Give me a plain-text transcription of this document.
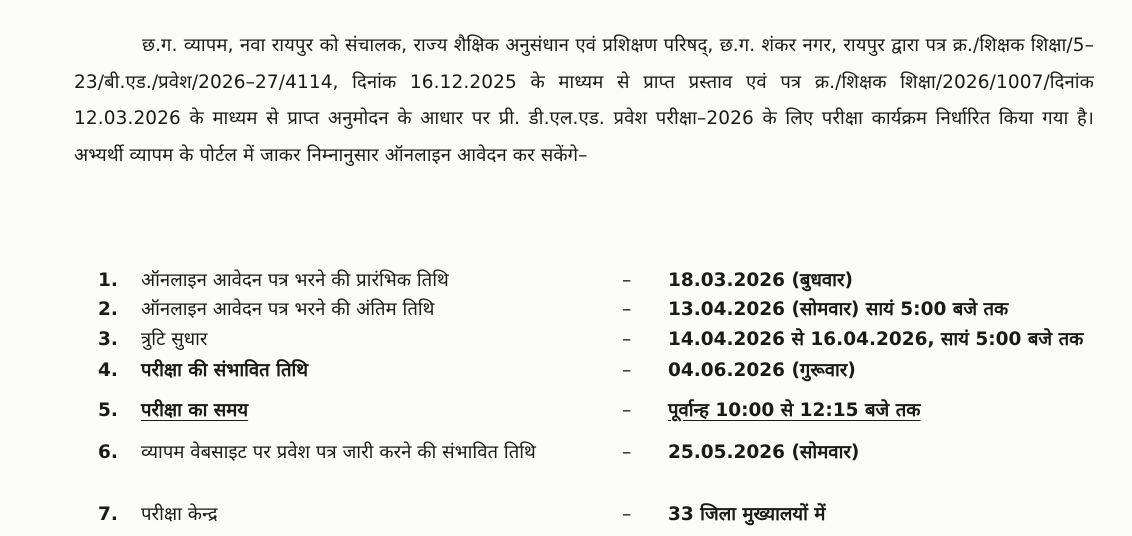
छ.ग. व्यापम, नवा रायपुर को संचालक, राज्य शैक्षिक अनुसंधान एवं प्रशिक्षण परिषद्, छ.ग. शंकर नगर, रायपुर द्वारा पत्र क्र./शिक्षक शिक्षा/5–23/बी.एड./प्रवेश/2026–27/4114, दिनांक 16.12.2025 के माध्यम से प्राप्त प्रस्ताव एवं पत्र क्र./शिक्षक शिक्षा/2026/1007/दिनांक 12.03.2026 के माध्यम से प्राप्त अनुमोदन के आधार पर प्री. डी.एल.एड. प्रवेश परीक्षा–2026 के लिए परीक्षा कार्यक्रम निर्धारित किया गया है। अभ्यर्थी व्यापम के पोर्टल में जाकर निम्नानुसार ऑनलाइन आवेदन कर सकेंगे–

1.	ऑनलाइन आवेदन पत्र भरने की प्रारंभिक तिथि	–	18.03.2026 (बुधवार)
2.	ऑनलाइन आवेदन पत्र भरने की अंतिम तिथि	–	13.04.2026 (सोमवार) सायं 5:00 बजे तक
3.	त्रुटि सुधार	–	14.04.2026 से 16.04.2026, सायं 5:00 बजे तक
4.	परीक्षा की संभावित तिथि	–	04.06.2026 (गुरूवार)
5.	परीक्षा का समय	–	पूर्वान्ह 10:00 से 12:15 बजे तक
6.	व्यापम वेबसाइट पर प्रवेश पत्र जारी करने की संभावित तिथि	–	25.05.2026 (सोमवार)
7.	परीक्षा केन्द्र	–	33 जिला मुख्यालयों में
